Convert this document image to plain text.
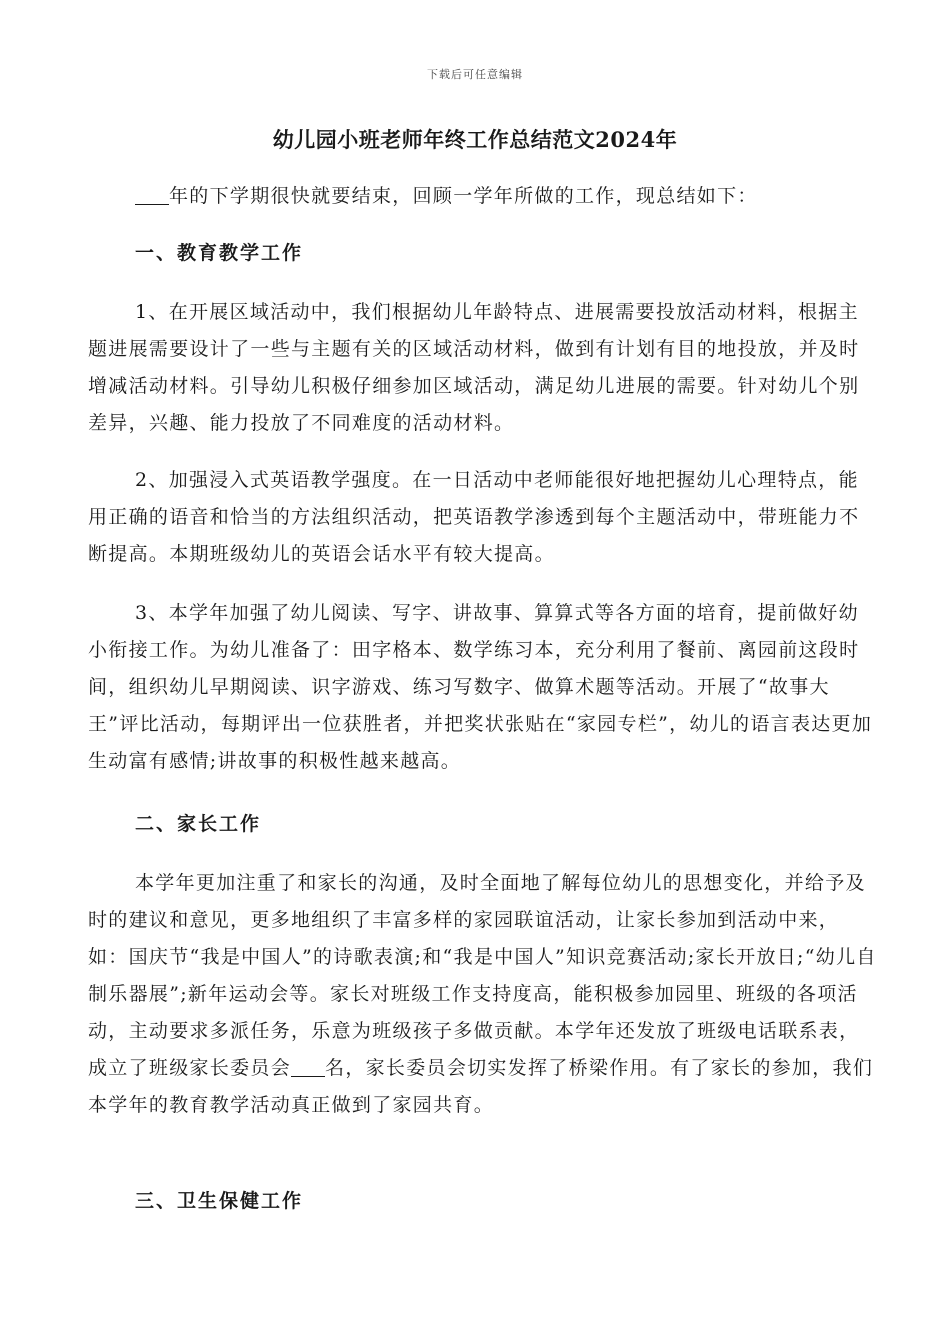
下载后可任意编辑
幼儿园小班老师年终工作总结范文2024年

年的下学期很快就要结束，回顾一学年所做的工作，现总结如下：

一、教育教学工作

1、在开展区域活动中，我们根据幼儿年龄特点、进展需要投放活动材料，根据主题进展需要设计了一些与主题有关的区域活动材料，做到有计划有目的地投放，并及时增减活动材料。引导幼儿积极仔细参加区域活动，满足幼儿进展的需要。针对幼儿个别差异，兴趣、能力投放了不同难度的活动材料。

2、加强浸入式英语教学强度。在一日活动中老师能很好地把握幼儿心理特点，能用正确的语音和恰当的方法组织活动，把英语教学渗透到每个主题活动中，带班能力不断提高。本期班级幼儿的英语会话水平有较大提高。

3、本学年加强了幼儿阅读、写字、讲故事、算算式等各方面的培育，提前做好幼小衔接工作。为幼儿准备了：田字格本、数学练习本，充分利用了餐前、离园前这段时间，组织幼儿早期阅读、识字游戏、练习写数字、做算术题等活动。开展了“故事大王”评比活动，每期评出一位获胜者，并把奖状张贴在“家园专栏”，幼儿的语言表达更加生动富有感情;讲故事的积极性越来越高。

二、家长工作

本学年更加注重了和家长的沟通，及时全面地了解每位幼儿的思想变化，并给予及时的建议和意见，更多地组织了丰富多样的家园联谊活动，让家长参加到活动中来，如：国庆节“我是中国人”的诗歌表演;和“我是中国人”知识竞赛活动;家长开放日;“幼儿自制乐器展”;新年运动会等。家长对班级工作支持度高，能积极参加园里、班级的各项活动，主动要求多派任务，乐意为班级孩子多做贡献。本学年还发放了班级电话联系表，成立了班级家长委员会 名，家长委员会切实发挥了桥梁作用。有了家长的参加，我们本学年的教育教学活动真正做到了家园共育。

三、卫生保健工作
